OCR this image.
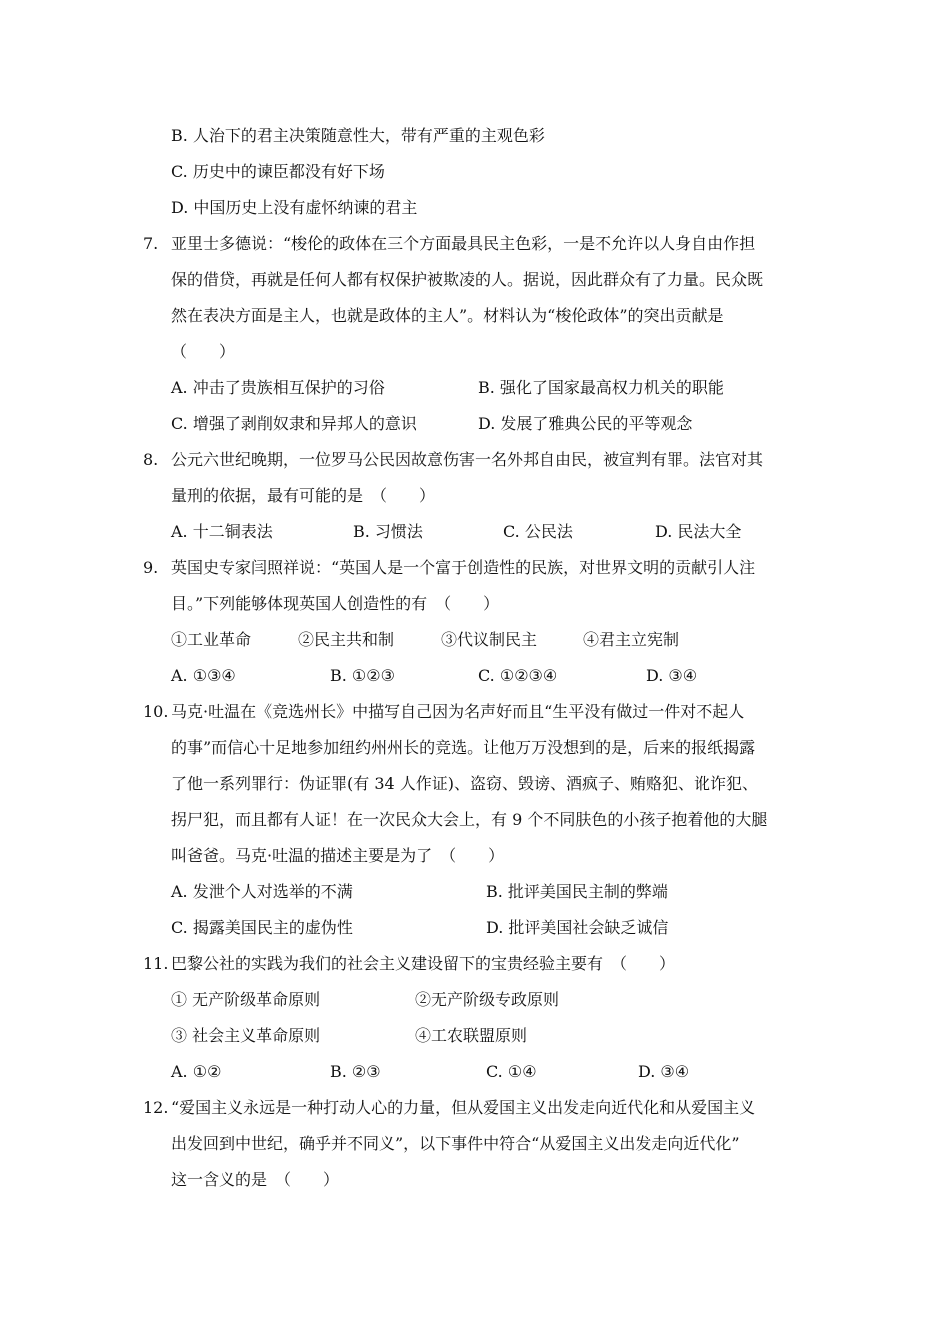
B. 人治下的君主决策随意性大，带有严重的主观色彩
C. 历史中的谏臣都没有好下场
D. 中国历史上没有虚怀纳谏的君主
7. 亚里士多德说：“梭伦的政体在三个方面最具民主色彩，一是不允许以人身自由作担
保的借贷，再就是任何人都有权保护被欺凌的人。据说，因此群众有了力量。民众既
然在表决方面是主人，也就是政体的主人”。材料认为“梭伦政体”的突出贡献是
（　　）
A. 冲击了贵族相互保护的习俗	B. 强化了国家最高权力机关的职能
C. 增强了剥削奴隶和异邦人的意识	D. 发展了雅典公民的平等观念
8. 公元六世纪晚期，一位罗马公民因故意伤害一名外邦自由民，被宣判有罪。法官对其
量刑的依据，最有可能的是　（　　）
A. 十二铜表法	B. 习惯法	C. 公民法	D. 民法大全
9. 英国史专家闫照祥说：“英国人是一个富于创造性的民族，对世界文明的贡献引人注
目。”下列能够体现英国人创造性的有　（　　）
①工业革命	②民主共和制	③代议制民主	④君主立宪制
A. ①③④	B. ①②③	C. ①②③④	D. ③④
10. 马克·吐温在《竞选州长》中描写自己因为名声好而且“生平没有做过一件对不起人
的事”而信心十足地参加纽约州州长的竞选。让他万万没想到的是，后来的报纸揭露
了他一系列罪行：伪证罪(有 34 人作证)、盗窃、毁谤、酒疯子、贿赂犯、讹诈犯、
拐尸犯，而且都有人证！在一次民众大会上，有 9 个不同肤色的小孩子抱着他的大腿
叫爸爸。马克·吐温的描述主要是为了　（　　）
A. 发泄个人对选举的不满	B. 批评美国民主制的弊端
C. 揭露美国民主的虚伪性	D. 批评美国社会缺乏诚信
11. 巴黎公社的实践为我们的社会主义建设留下的宝贵经验主要有　（　　）
① 无产阶级革命原则	②无产阶级专政原则
③ 社会主义革命原则	④工农联盟原则
A. ①②	B. ②③	C. ①④	D. ③④
12. “爱国主义永远是一种打动人心的力量，但从爱国主义出发走向近代化和从爱国主义
出发回到中世纪，确乎并不同义”，以下事件中符合“从爱国主义出发走向近代化”
这一含义的是　（　　）
